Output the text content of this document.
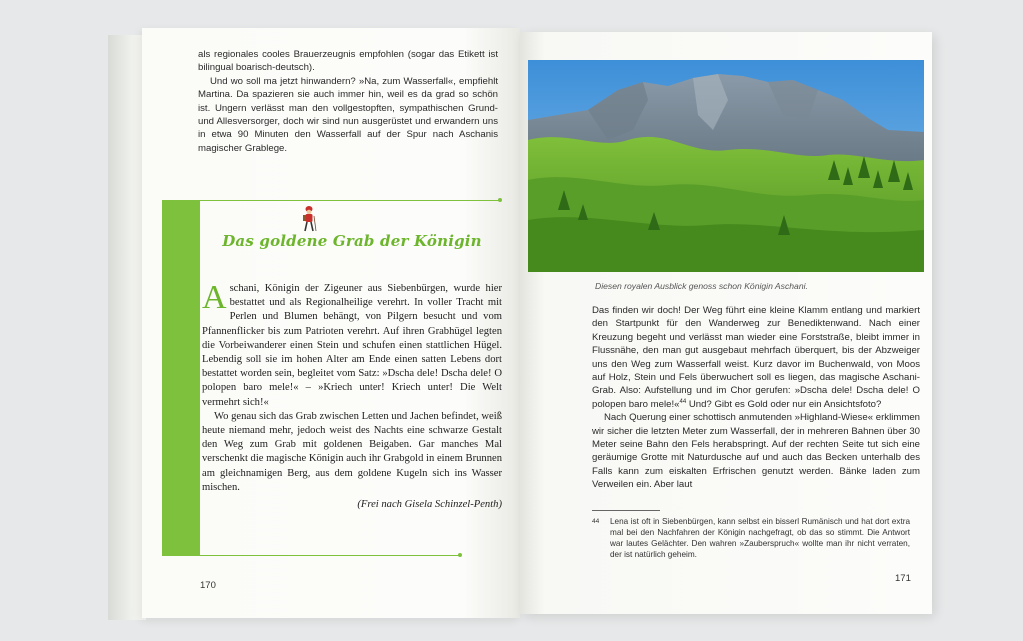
als regionales cooles Brauerzeugnis empfohlen (sogar das Etikett ist bilingual boarisch-deutsch).

Und wo soll ma jetzt hinwandern? »Na, zum Wasserfall«, empfiehlt Martina. Da spazieren sie auch immer hin, weil es da grad so schön ist. Ungern verlässt man den vollgestopften, sympathischen Grund- und Allesversorger, doch wir sind nun ausgerüstet und erwandern uns in etwa 90 Minuten den Wasserfall auf der Spur nach Aschanis magischer Grablege.

Das goldene Grab der Königin

Aschani, Königin der Zigeuner aus Siebenbürgen, wurde hier bestattet und als Regionalheilige verehrt. In voller Tracht mit Perlen und Blumen behängt, von Pilgern besucht und vom Pfannenflicker bis zum Patrioten verehrt. Auf ihren Grabhügel legten die Vorbeiwanderer einen Stein und schufen einen stattlichen Hügel. Lebendig soll sie im hohen Alter am Ende einen satten Lebens dort bestattet worden sein, begleitet vom Satz: »Dscha dele! Dscha dele! O polopen baro mele!« – »Kriech unter! Kriech unter! Die Welt vermehrt sich!«

Wo genau sich das Grab zwischen Letten und Jachen befindet, weiß heute niemand mehr, jedoch weist des Nachts eine schwarze Gestalt den Weg zum Grab mit goldenen Beigaben. Gar manches Mal verschenkt die magische Königin auch ihr Grabgold in einem Brunnen am gleichnamigen Berg, aus dem goldene Kugeln sich ins Wasser mischen.

(Frei nach Gisela Schinzel-Penth)

170
Diesen royalen Ausblick genoss schon Königin Aschani.

Das finden wir doch! Der Weg führt eine kleine Klamm entlang und markiert den Startpunkt für den Wanderweg zur Benediktenwand. Nach einer Kreuzung begeht und verlässt man wieder eine Forststraße, bleibt immer in Flussnähe, den man gut ausgebaut mehrfach überquert, bis der Abzweiger uns den Weg zum Wasserfall weist. Kurz davor im Buchenwald, von Moos auf Holz, Stein und Fels überwuchert soll es liegen, das magische Aschani-Grab. Also: Aufstellung und im Chor gerufen: »Dscha dele! Dscha dele! O polopen baro mele!«$^{44}$ Und? Gibt es Gold oder nur ein Ansichtsfoto?

Nach Querung einer schottisch anmutenden »Highland-Wiese« erklimmen wir sicher die letzten Meter zum Wasserfall, der in mehreren Bahnen über 30 Meter seine Bahn den Fels herabspringt. Auf der rechten Seite tut sich eine geräumige Grotte mit Naturdusche auf und auch das Becken unterhalb des Falls kann zum eiskalten Erfrischen genutzt werden. Bänke laden zum Verweilen ein. Aber laut

44 Lena ist oft in Siebenbürgen, kann selbst ein bisserl Rumänisch und hat dort extra mal bei den Nachfahren der Königin nachgefragt, ob das so stimmt. Die Antwort war lautes Gelächter. Den wahren »Zauberspruch« wollte man ihr nicht verraten, der ist natürlich geheim.
171
